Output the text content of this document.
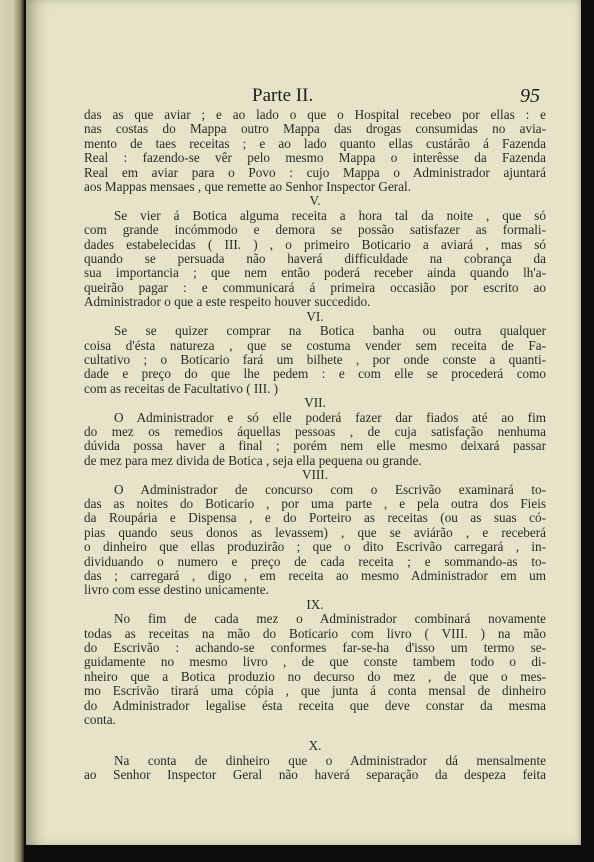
Parte II.	95
das as que aviar ; e ao lado o que o Hospital recebeo por ellas : e
nas costas do Mappa outro Mappa das drogas consumidas no avia-
mento de taes receitas ; e ao lado quanto ellas custárão á Fazenda
Real : fazendo-se vêr pelo mesmo Mappa o interêsse da Fazenda
Real em aviar para o Povo : cujo Mappa o Administrador ajuntará
aos Mappas mensaes , que remette ao Senhor Inspector Geral.
V.
Se vier á Botica alguma receita a hora tal da noite , que só
com grande incómmodo e demora se possão satisfazer as formali-
dades estabelecidas ( III. ) , o primeiro Boticario a aviará , mas só
quando se persuada não haverá difficuldade na cobrança da
sua importancia ; que nem então poderá receber ainda quando lh'a-
queirão pagar : e communicará á primeira occasião por escrito ao
Administrador o que a este respeito houver succedido.
VI.
Se se quizer comprar na Botica banha ou outra qualquer
coisa d'ésta natureza , que se costuma vender sem receita de Fa-
cultativo ; o Boticario fará um bilhete , por onde conste a quanti-
dade e preço do que lhe pedem : e com elle se procederá como
com as receitas de Facultativo ( III. )
VII.
O Administrador e só elle poderá fazer dar fiados até ao fim
do mez os remedios áquellas pessoas , de cuja satisfação nenhuma
dúvida possa haver a final ; porém nem elle mesmo deixará passar
de mez para mez divida de Botica , seja ella pequena ou grande.
VIII.
O Administrador de concurso com o Escrivão examinará to-
das as noites do Boticario , por uma parte , e pela outra dos Fieis
da Roupária e Dispensa , e do Porteiro as receitas (ou as suas có-
pias quando seus donos as levassem) , que se aviárão , e receberá
o dinheiro que ellas produzirão ; que o dito Escrivão carregará , in-
dividuando o numero e preço de cada receita ; e sommando-as to-
das ; carregará , digo , em receita ao mesmo Administrador em um
livro com esse destino unicamente.
IX.
No fim de cada mez o Administrador combinará novamente
todas as receitas na mão do Boticario com livro ( VIII. ) na mão
do Escrivão : achando-se conformes far-se-ha d'isso um termo se-
guidamente no mesmo livro , de que conste tambem todo o di-
nheiro que a Botica produzio no decurso do mez , de que o mes-
mo Escrivão tirará uma cópia , que junta á conta mensal de dinheiro
do Administrador legalise ésta receita que deve constar da mesma
conta.
X.
Na conta de dinheiro que o Administrador dá mensalmente
ao Senhor Inspector Geral não haverá separação da despeza feita
